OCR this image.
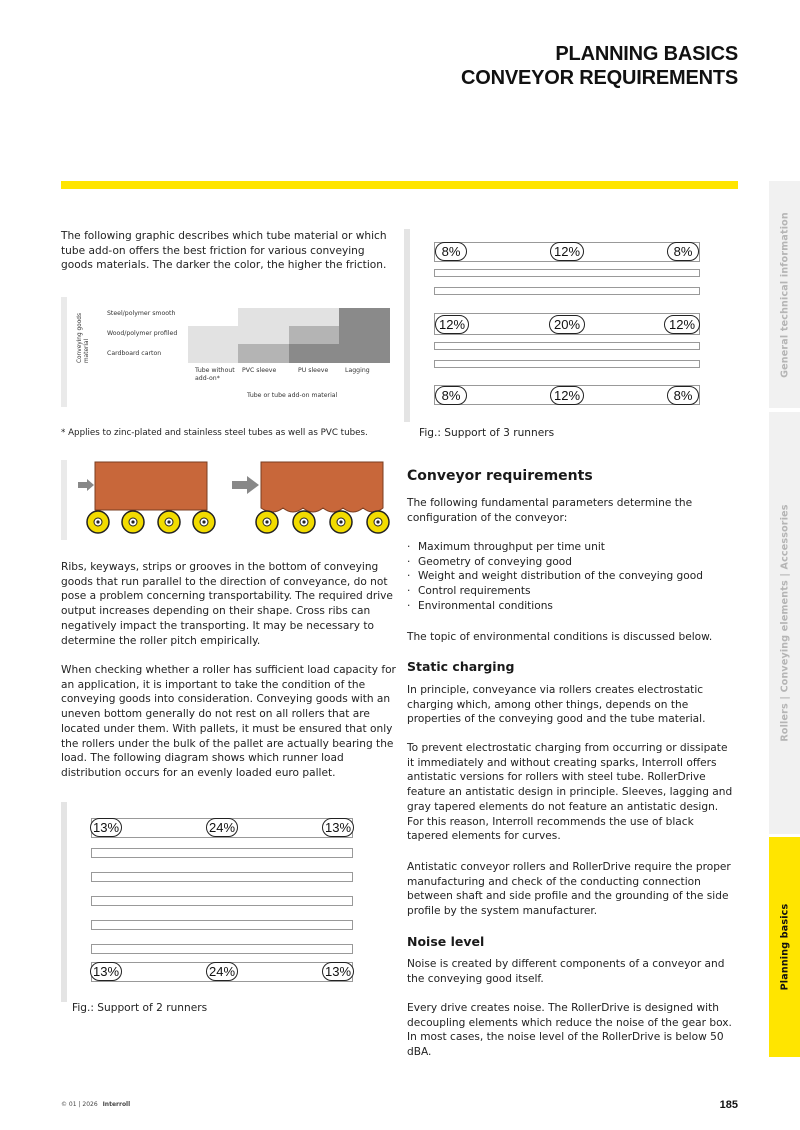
PLANNING BASICS
CONVEYOR REQUIREMENTS
General technical information
Rollers | Conveying elements | Accessories
Planning basics
The following graphic describes which tube material or which tube add-on offers the best friction for various conveying goods materials. The darker the color, the higher the friction.
Conveying goods material
Steel/polymer smooth
Wood/polymer profiled
Cardboard carton
Tube without add-on*
PVC sleeve	PU sleeve	Lagging
Tube or tube add-on material
* Applies to zinc-plated and stainless steel tubes as well as PVC tubes.
Ribs, keyways, strips or grooves in the bottom of conveying goods that run parallel to the direction of conveyance, do not pose a problem concerning transportability. The required drive output increases depending on their shape. Cross ribs can negatively impact the transporting. It may be necessary to determine the roller pitch empirically.
When checking whether a roller has sufficient load capacity for an application, it is important to take the condition of the conveying goods into consideration. Conveying goods with an uneven bottom generally do not rest on all rollers that are located under them. With pallets, it must be ensured that only the rollers under the bulk of the pallet are actually bearing the load. The following diagram shows which runner load distribution occurs for an evenly loaded euro pallet.
13%	24%	13%
13%	24%	13%
Fig.: Support of 2 runners
8%	12%	8%
12%	20%	12%
8%	12%	8%
Fig.: Support of 3 runners
Conveyor requirements
The following fundamental parameters determine the configuration of the conveyor:
· Maximum throughput per time unit
· Geometry of conveying good
· Weight and weight distribution of the conveying good
· Control requirements
· Environmental conditions
The topic of environmental conditions is discussed below.
Static charging
In principle, conveyance via rollers creates electrostatic charging which, among other things, depends on the properties of the conveying good and the tube material.
To prevent electrostatic charging from occurring or dissipate it immediately and without creating sparks, Interroll offers antistatic versions for rollers with steel tube. RollerDrive feature an antistatic design in principle. Sleeves, lagging and gray tapered elements do not feature an antistatic design. For this reason, Interroll recommends the use of black tapered elements for curves.
Antistatic conveyor rollers and RollerDrive require the proper manufacturing and check of the conducting connection between shaft and side profile and the grounding of the side profile by the system manufacturer.
Noise level
Noise is created by different components of a conveyor and the conveying good itself.
Every drive creates noise. The RollerDrive is designed with decoupling elements which reduce the noise of the gear box. In most cases, the noise level of the RollerDrive is below 50 dBA.
© 01 | 2026 Interroll	185
